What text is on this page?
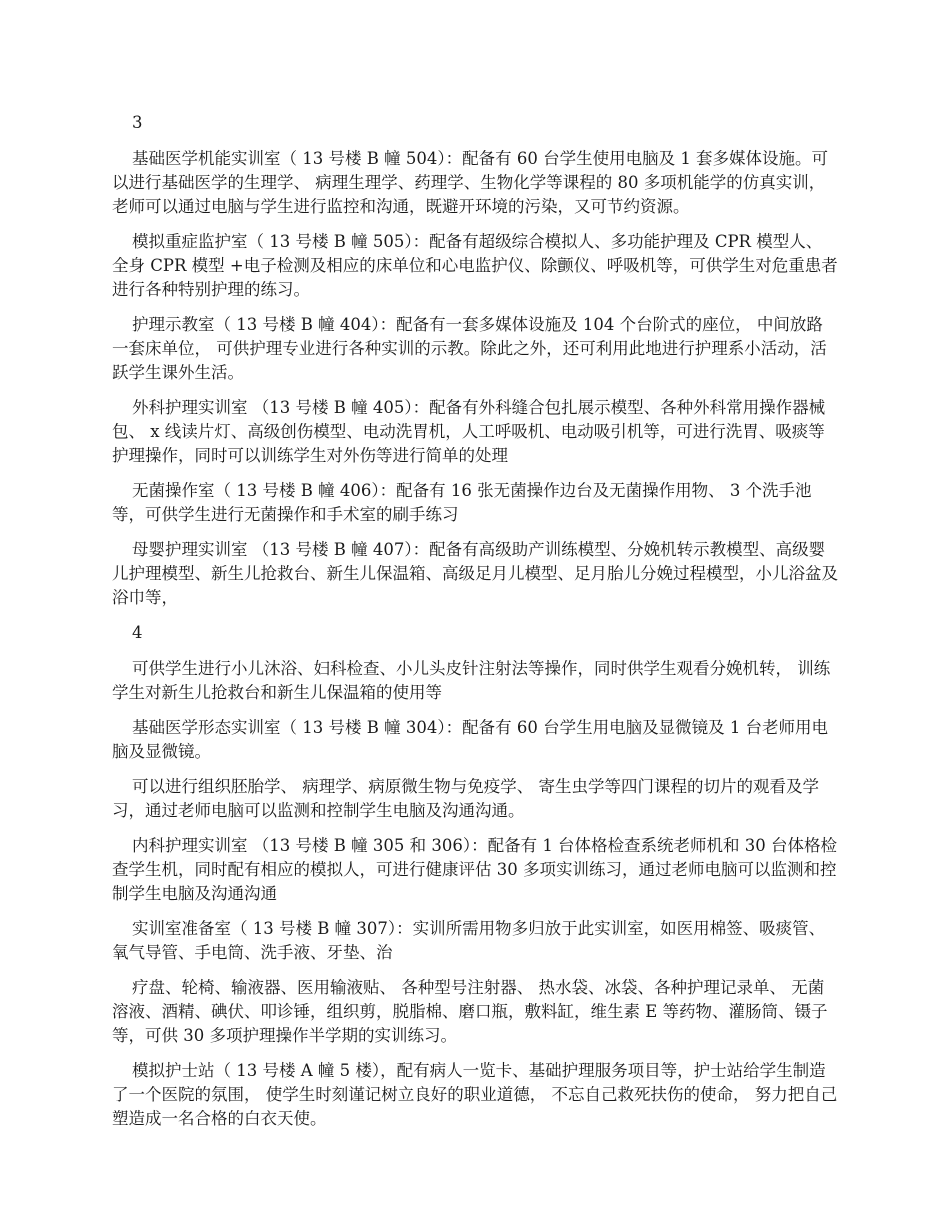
3

基础医学机能实训室（ 13 号楼 B 幢 504）：配备有 60 台学生使用电脑及 1 套多媒体设施。可以进行基础医学的生理学、 病理生理学、药理学、生物化学等课程的 80 多项机能学的仿真实训，老师可以通过电脑与学生进行监控和沟通，既避开环境的污染，又可节约资源。

模拟重症监护室（ 13 号楼 B 幢 505）：配备有超级综合模拟人、多功能护理及 CPR 模型人、全身 CPR 模型 +电子检测及相应的床单位和心电监护仪、除颤仪、呼吸机等，可供学生对危重患者进行各种特别护理的练习。

护理示教室（ 13 号楼 B 幢 404）：配备有一套多媒体设施及 104 个台阶式的座位， 中间放路一套床单位， 可供护理专业进行各种实训的示教。除此之外，还可利用此地进行护理系小活动，活跃学生课外生活。

外科护理实训室 （13 号楼 B 幢 405）：配备有外科缝合包扎展示模型、各种外科常用操作器械包、 x 线读片灯、高级创伤模型、电动洗胃机，人工呼吸机、电动吸引机等，可进行洗胃、吸痰等护理操作，同时可以训练学生对外伤等进行简单的处理

无菌操作室（ 13 号楼 B 幢 406）：配备有 16 张无菌操作边台及无菌操作用物、 3 个洗手池等，可供学生进行无菌操作和手术室的刷手练习

母婴护理实训室 （13 号楼 B 幢 407）：配备有高级助产训练模型、分娩机转示教模型、高级婴儿护理模型、新生儿抢救台、新生儿保温箱、高级足月儿模型、足月胎儿分娩过程模型，小儿浴盆及浴巾等，

4

可供学生进行小儿沐浴、妇科检查、小儿头皮针注射法等操作，同时供学生观看分娩机转， 训练学生对新生儿抢救台和新生儿保温箱的使用等

基础医学形态实训室（ 13 号楼 B 幢 304）：配备有 60 台学生用电脑及显微镜及 1 台老师用电脑及显微镜。

可以进行组织胚胎学、 病理学、病原微生物与免疫学、 寄生虫学等四门课程的切片的观看及学习，通过老师电脑可以监测和控制学生电脑及沟通沟通。

内科护理实训室 （13 号楼 B 幢 305 和 306）：配备有 1 台体格检查系统老师机和 30 台体格检查学生机，同时配有相应的模拟人，可进行健康评估 30 多项实训练习，通过老师电脑可以监测和控制学生电脑及沟通沟通

实训室准备室（ 13 号楼 B 幢 307）：实训所需用物多归放于此实训室，如医用棉签、吸痰管、氧气导管、手电筒、洗手液、牙垫、治

疗盘、轮椅、输液器、医用输液贴、 各种型号注射器、 热水袋、冰袋、各种护理记录单、 无菌溶液、酒精、碘伏、叩诊锤，组织剪，脱脂棉、磨口瓶，敷料缸，维生素 E 等药物、灌肠筒、镊子等，可供 30 多项护理操作半学期的实训练习。

模拟护士站（ 13 号楼 A 幢 5 楼），配有病人一览卡、基础护理服务项目等，护士站给学生制造了一个医院的氛围， 使学生时刻谨记树立良好的职业道德， 不忘自己救死扶伤的使命， 努力把自己塑造成一名合格的白衣天使。
